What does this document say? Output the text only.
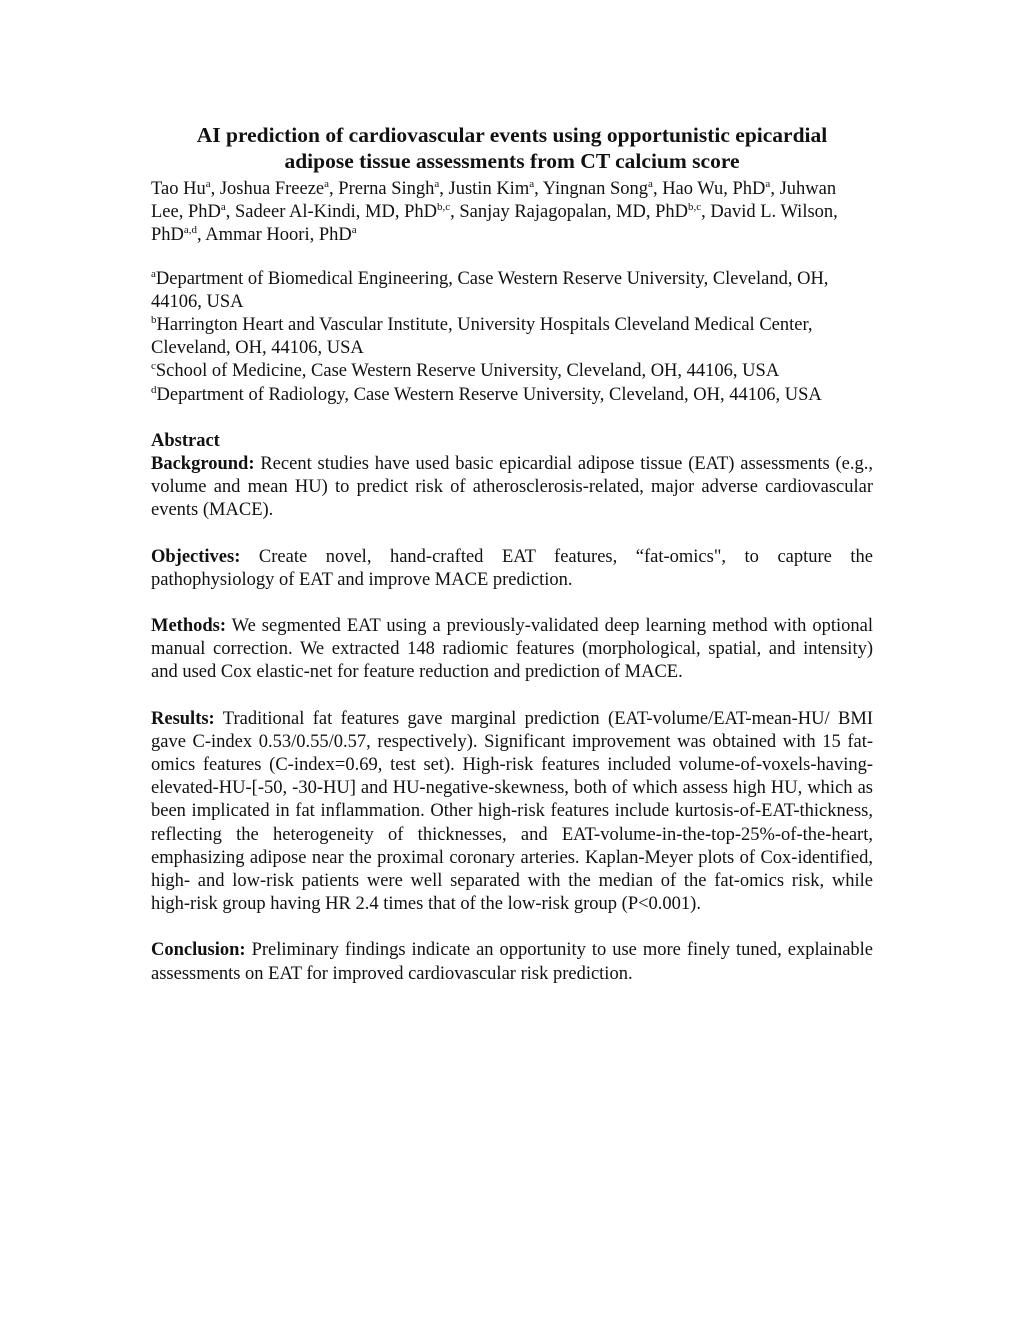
AI prediction of cardiovascular events using opportunistic epicardial
adipose tissue assessments from CT calcium score

Tao Hu$^a$, Joshua Freeze$^a$, Prerna Singh$^a$, Justin Kim$^a$, Yingnan Song$^a$, Hao Wu, PhD$^a$, Juhwan Lee, PhD$^a$, Sadeer Al-Kindi, MD, PhD$^{b,c}$, Sanjay Rajagopalan, MD, PhD$^{b,c}$, David L. Wilson, PhD$^{a,d}$, Ammar Hoori, PhD$^a$

$^a$Department of Biomedical Engineering, Case Western Reserve University, Cleveland, OH, 44106, USA

$^b$Harrington Heart and Vascular Institute, University Hospitals Cleveland Medical Center, Cleveland, OH, 44106, USA

$^c$School of Medicine, Case Western Reserve University, Cleveland, OH, 44106, USA

$^d$Department of Radiology, Case Western Reserve University, Cleveland, OH, 44106, USA

Abstract

Background: Recent studies have used basic epicardial adipose tissue (EAT) assessments (e.g., volume and mean HU) to predict risk of atherosclerosis-related, major adverse cardiovascular events (MACE).

Objectives: Create novel, hand-crafted EAT features, “fat-omics", to capture the pathophysiology of EAT and improve MACE prediction.

Methods: We segmented EAT using a previously-validated deep learning method with optional manual correction. We extracted 148 radiomic features (morphological, spatial, and intensity) and used Cox elastic-net for feature reduction and prediction of MACE.

Results: Traditional fat features gave marginal prediction (EAT-volume/EAT-mean-HU/ BMI gave C-index 0.53/0.55/0.57, respectively). Significant improvement was obtained with 15 fat-omics features (C-index=0.69, test set). High-risk features included volume-of-voxels-having-elevated-HU-[-50, -30-HU] and HU-negative-skewness, both of which assess high HU, which as been implicated in fat inflammation. Other high-risk features include kurtosis-of-EAT-thickness, reflecting the heterogeneity of thicknesses, and EAT-volume-in-the-top-25%-of-the-heart, emphasizing adipose near the proximal coronary arteries. Kaplan-Meyer plots of Cox-identified, high- and low-risk patients were well separated with the median of the fat-omics risk, while high-risk group having HR 2.4 times that of the low-risk group (P<0.001).

Conclusion: Preliminary findings indicate an opportunity to use more finely tuned, explainable assessments on EAT for improved cardiovascular risk prediction.
